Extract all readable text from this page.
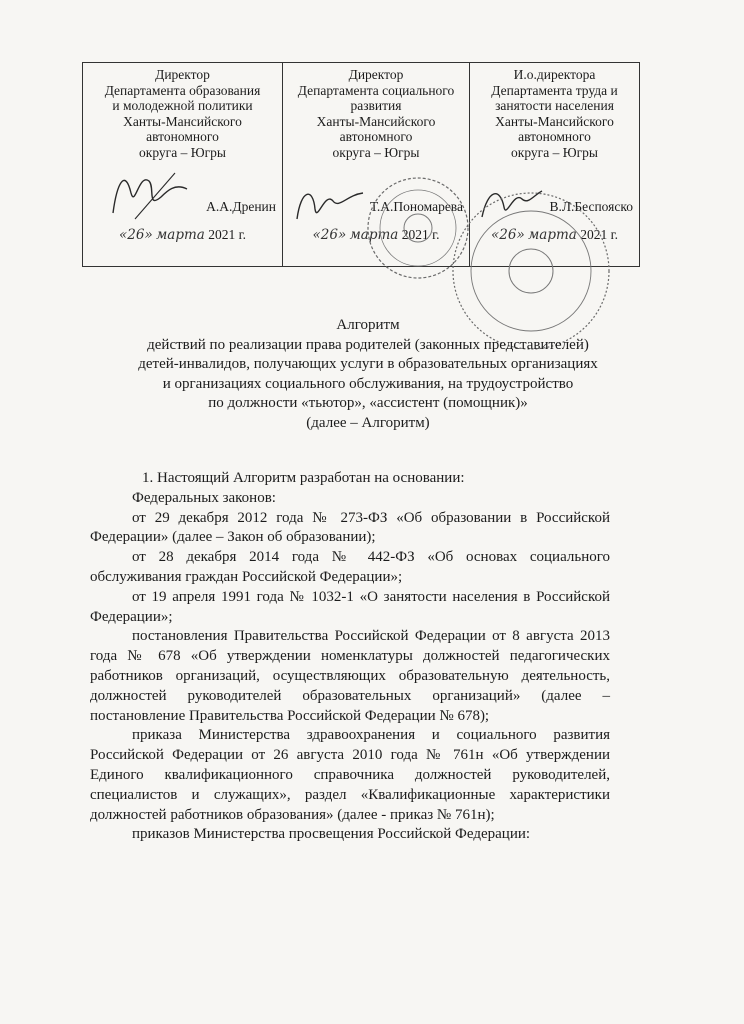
Директор
Департамента образования
и молодежной политики
Ханты-Мансийского
автономного
округа – Югры
А.А.Дренин
«26» марта 2021 г.

Директор
Департамента социального
развития
Ханты-Мансийского
автономного
округа – Югры
Т.А.Пономарева
«26» марта 2021 г.

И.о.директора
Департамента труда и
занятости населения
Ханты-Мансийского
автономного
округа – Югры
В.Л.Беспояско
«26» марта 2021 г.
Алгоритм
действий по реализации права родителей (законных представителей)
детей-инвалидов, получающих услуги в образовательных организациях
и организациях социального обслуживания, на трудоустройство
по должности «тьютор», «ассистент (помощник)»
(далее – Алгоритм)

1. Настоящий Алгоритм разработан на основании:

Федеральных законов:

от 29 декабря 2012 года № 273-ФЗ «Об образовании в Российской Федерации» (далее – Закон об образовании);

от 28 декабря 2014 года № 442-ФЗ «Об основах социального обслуживания граждан Российской Федерации»;

от 19 апреля 1991 года № 1032-1 «О занятости населения в Российской Федерации»;

постановления Правительства Российской Федерации от 8 августа 2013 года № 678 «Об утверждении номенклатуры должностей педагогических работников организаций, осуществляющих образовательную деятельность, должностей руководителей образовательных организаций» (далее – постановление Правительства Российской Федерации № 678);

приказа Министерства здравоохранения и социального развития Российской Федерации от 26 августа 2010 года № 761н «Об утверждении Единого квалификационного справочника должностей руководителей, специалистов и служащих», раздел «Квалификационные характеристики должностей работников образования» (далее - приказ № 761н);

приказов Министерства просвещения Российской Федерации:
